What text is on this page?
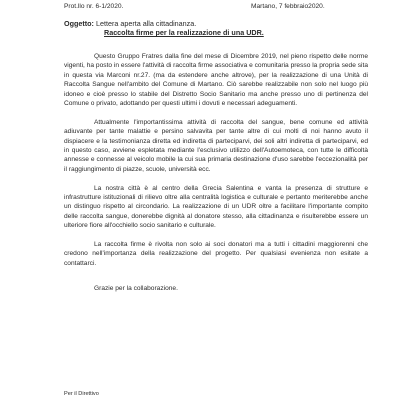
Prot.llo nr. 6-1/2020.	Martano, 7 febbraio2020.
Oggetto: Lettera aperta alla cittadinanza.
Raccolta firme per la realizzazione di una UDR.

Questo Gruppo Fratres dalla fine del mese di Dicembre 2019, nel pieno rispetto delle norme vigenti, ha posto in essere l'attività di raccolta firme associativa e comunitaria presso la propria sede sita in questa via Marconi nr.27. (ma da estendere anche altrove), per la realizzazione di una Unità di Raccolta Sangue nell'ambito del Comune di Martano. Ciò sarebbe realizzabile non solo nel luogo più idoneo e cioè presso lo stabile del Distretto Socio Sanitario ma anche presso uno di pertinenza del Comune o privato, adottando per questi ultimi i dovuti e necessari adeguamenti.

Attualmente l'importantissima attività di raccolta del sangue, bene comune ed attività adiuvante per tante malattie e persino salvavita per tante altre di cui molti di noi hanno avuto il dispiacere e la testimonianza diretta ed indiretta di parteciparvi, dei soli altri indiretta di parteciparvi, ed in questo caso, avviene espletata mediante l'esclusivo utilizzo dell'Autoemoteca, con tutte le difficoltà annesse e connesse al veicolo mobile la cui sua primaria destinazione d'uso sarebbe l'eccezionalità per il raggiungimento di piazze, scuole, università ecc.

La nostra città è al centro della Grecia Salentina e vanta la presenza di strutture e infrastrutture istituzionali di rilievo oltre alla centralità logistica e culturale e pertanto meriterebbe anche un distinguo rispetto al circondario. La realizzazione di un UDR oltre a facilitare l'importante compito delle raccolta sangue, donerebbe dignità al donatore stesso, alla cittadinanza e risulterebbe essere un ulteriore fiore all'occhiello socio sanitario e culturale.

La raccolta firme è rivolta non solo ai soci donatori ma a tutti i cittadini maggiorenni che credono nell'importanza della realizzazione del progetto. Per qualsiasi evenienza non esitate a contattarci.

Grazie per la collaborazione.

Per il Direttivo
